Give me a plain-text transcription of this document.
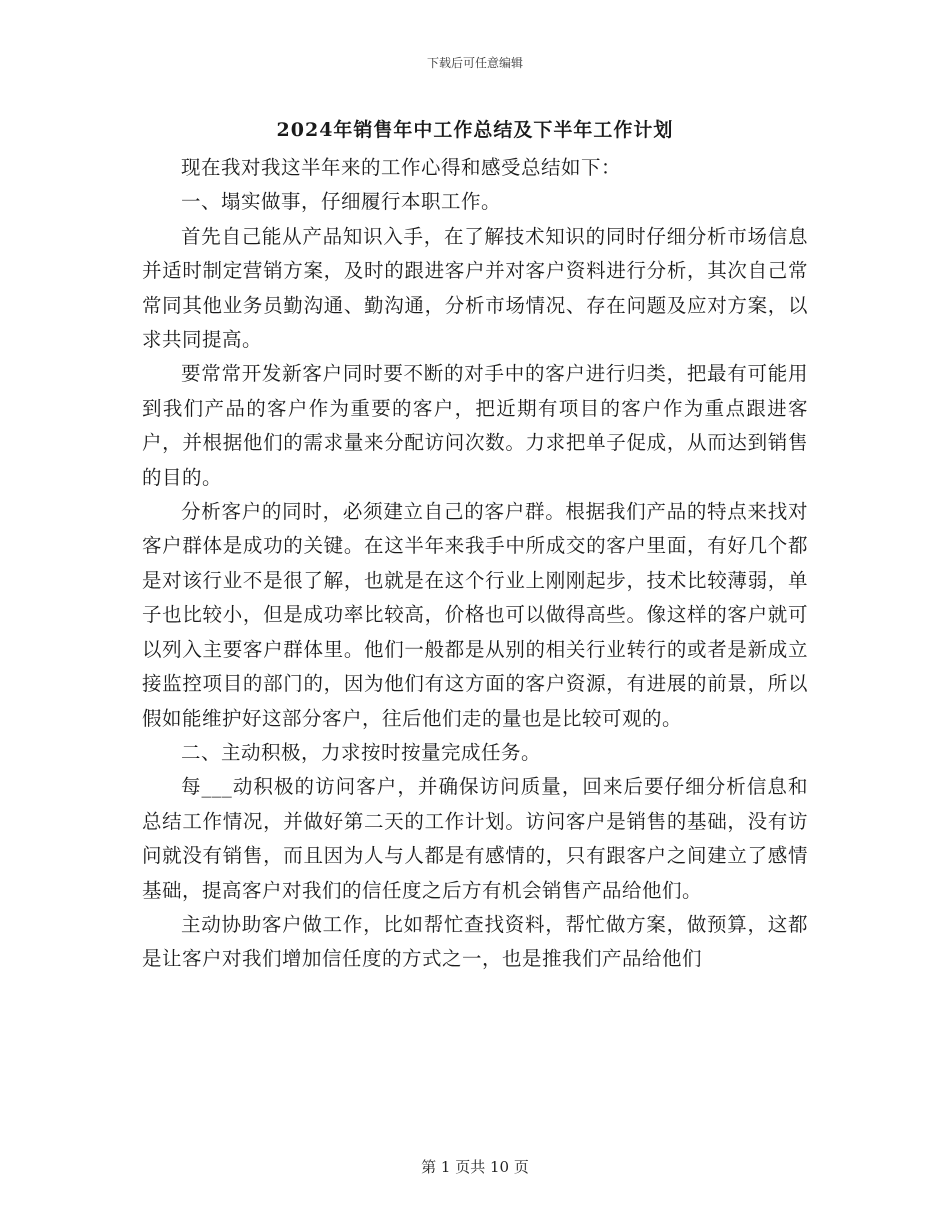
下载后可任意编辑
2024年销售年中工作总结及下半年工作计划

现在我对我这半年来的工作心得和感受总结如下：

一、塌实做事，仔细履行本职工作。

首先自己能从产品知识入手，在了解技术知识的同时仔细分析市场信息并适时制定营销方案，及时的跟进客户并对客户资料进行分析，其次自己常常同其他业务员勤沟通、勤沟通，分析市场情况、存在问题及应对方案，以求共同提高。

要常常开发新客户同时要不断的对手中的客户进行归类，把最有可能用到我们产品的客户作为重要的客户，把近期有项目的客户作为重点跟进客户，并根据他们的需求量来分配访问次数。力求把单子促成，从而达到销售的目的。

分析客户的同时，必须建立自己的客户群。根据我们产品的特点来找对客户群体是成功的关键。在这半年来我手中所成交的客户里面，有好几个都是对该行业不是很了解，也就是在这个行业上刚刚起步，技术比较薄弱，单子也比较小，但是成功率比较高，价格也可以做得高些。像这样的客户就可以列入主要客户群体里。他们一般都是从别的相关行业转行的或者是新成立接监控项目的部门的，因为他们有这方面的客户资源，有进展的前景，所以假如能维护好这部分客户，往后他们走的量也是比较可观的。

二、主动积极，力求按时按量完成任务。

每___动积极的访问客户，并确保访问质量，回来后要仔细分析信息和总结工作情况，并做好第二天的工作计划。访问客户是销售的基础，没有访问就没有销售，而且因为人与人都是有感情的，只有跟客户之间建立了感情基础，提高客户对我们的信任度之后方有机会销售产品给他们。

主动协助客户做工作，比如帮忙查找资料，帮忙做方案，做预算，这都是让客户对我们增加信任度的方式之一，也是推我们产品给他们

第 1 页共 10 页
